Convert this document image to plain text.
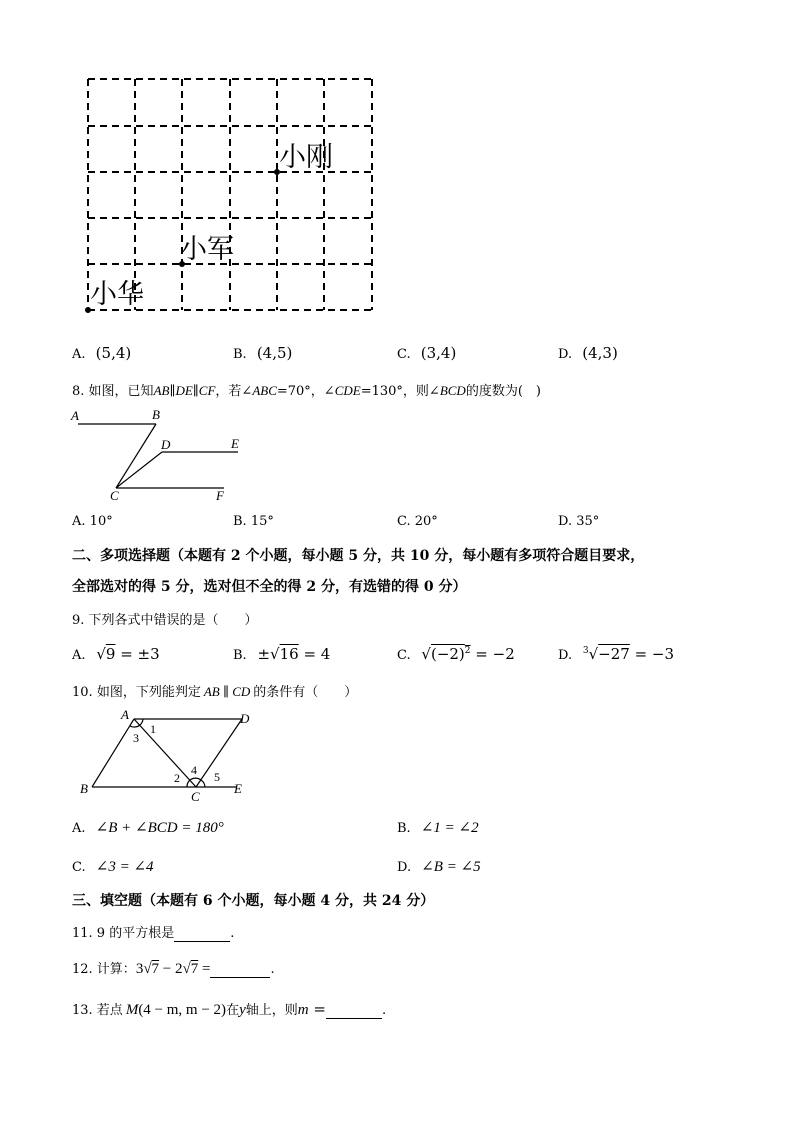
小刚
小军
小华
A. (5,4)	B. (4,5)	C. (3,4)	D. (4,3)
8. 如图，已知AB∥DE∥CF，若∠ABC=70°，∠CDE=130°，则∠BCD的度数为(　)
A	B
D	E
C	F
A. 10°	B. 15°	C. 20°	D. 35°
二、多项选择题（本题有 2 个小题，每小题 5 分，共 10 分，每小题有多项符合题目要求，
全部选对的得 5 分，选对但不全的得 2 分，有选错的得 0 分）
9. 下列各式中错误的是（　　）
A. √9 = ±3	B. ±√16 = 4	C. $√(-2)^2 = -2$	D. $^3$√−27 = −3
10. 如图，下列能判定 AB ∥ CD 的条件有（　　）
A	D
B
C
E
1
3
2
4 5
A. ∠B + ∠BCD = 180°	B. ∠1 = ∠2
C. ∠3 = ∠4	D. ∠B = ∠5
三、填空题（本题有 6 个小题，每小题 4 分，共 24 分）
11. 9 的平方根是	.
12. 计算：3√7 − 2√7 =	.
13. 若点 M(4 − m, m − 2)在y轴上，则m =	.
